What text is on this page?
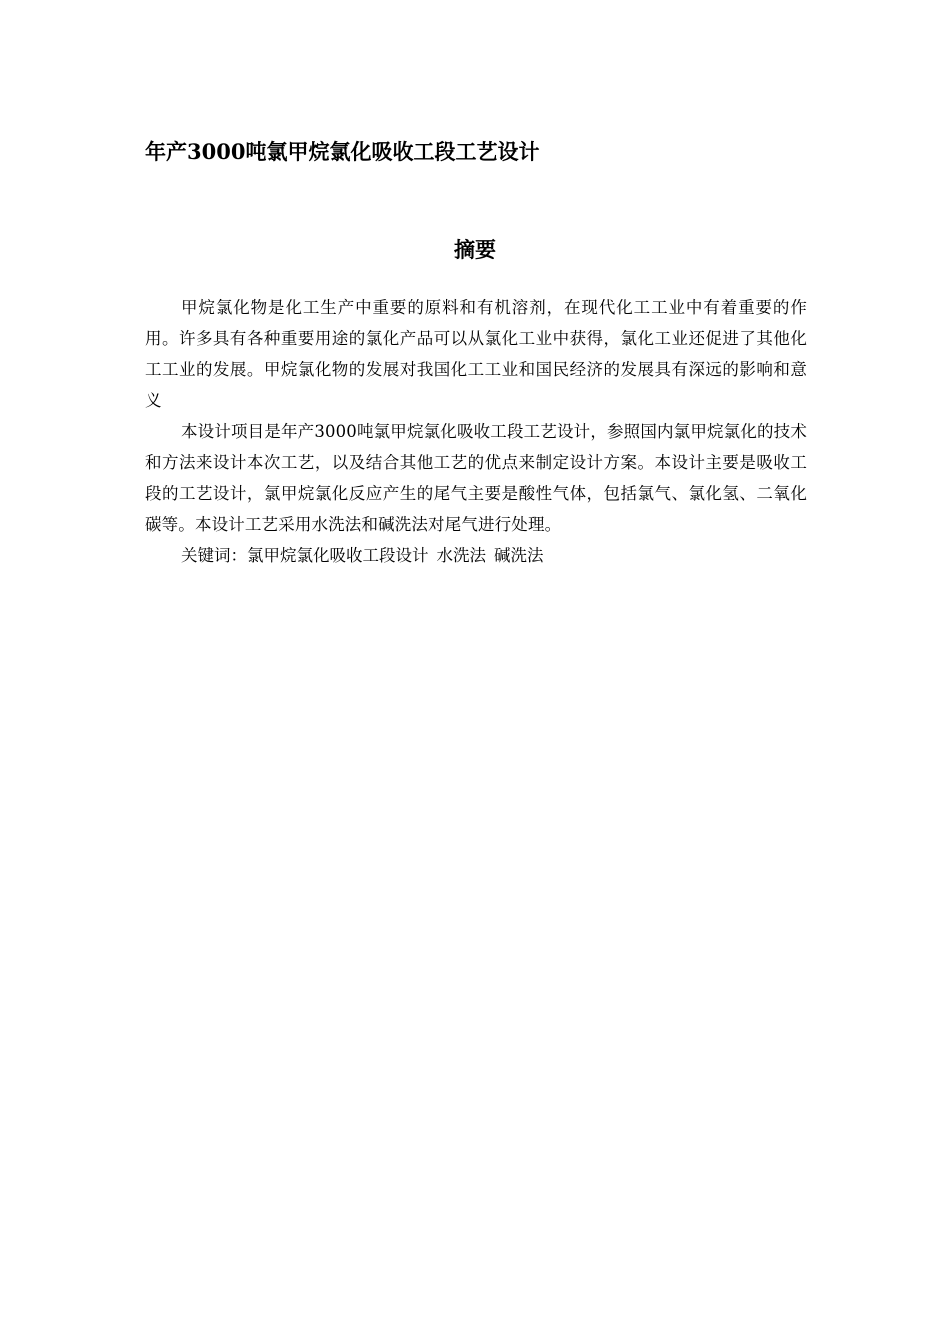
年产3000吨氯甲烷氯化吸收工段工艺设计
摘要

甲烷氯化物是化工生产中重要的原料和有机溶剂，在现代化工工业中有着重要的作用。许多具有各种重要用途的氯化产品可以从氯化工业中获得，氯化工业还促进了其他化工工业的发展。甲烷氯化物的发展对我国化工工业和国民经济的发展具有深远的影响和意义

本设计项目是年产3000吨氯甲烷氯化吸收工段工艺设计，参照国内氯甲烷氯化的技术和方法来设计本次工艺，以及结合其他工艺的优点来制定设计方案。本设计主要是吸收工段的工艺设计，氯甲烷氯化反应产生的尾气主要是酸性气体，包括氯气、氯化氢、二氧化碳等。本设计工艺采用水洗法和碱洗法对尾气进行处理。

关键词：氯甲烷氯化吸收工段设计 水洗法 碱洗法
